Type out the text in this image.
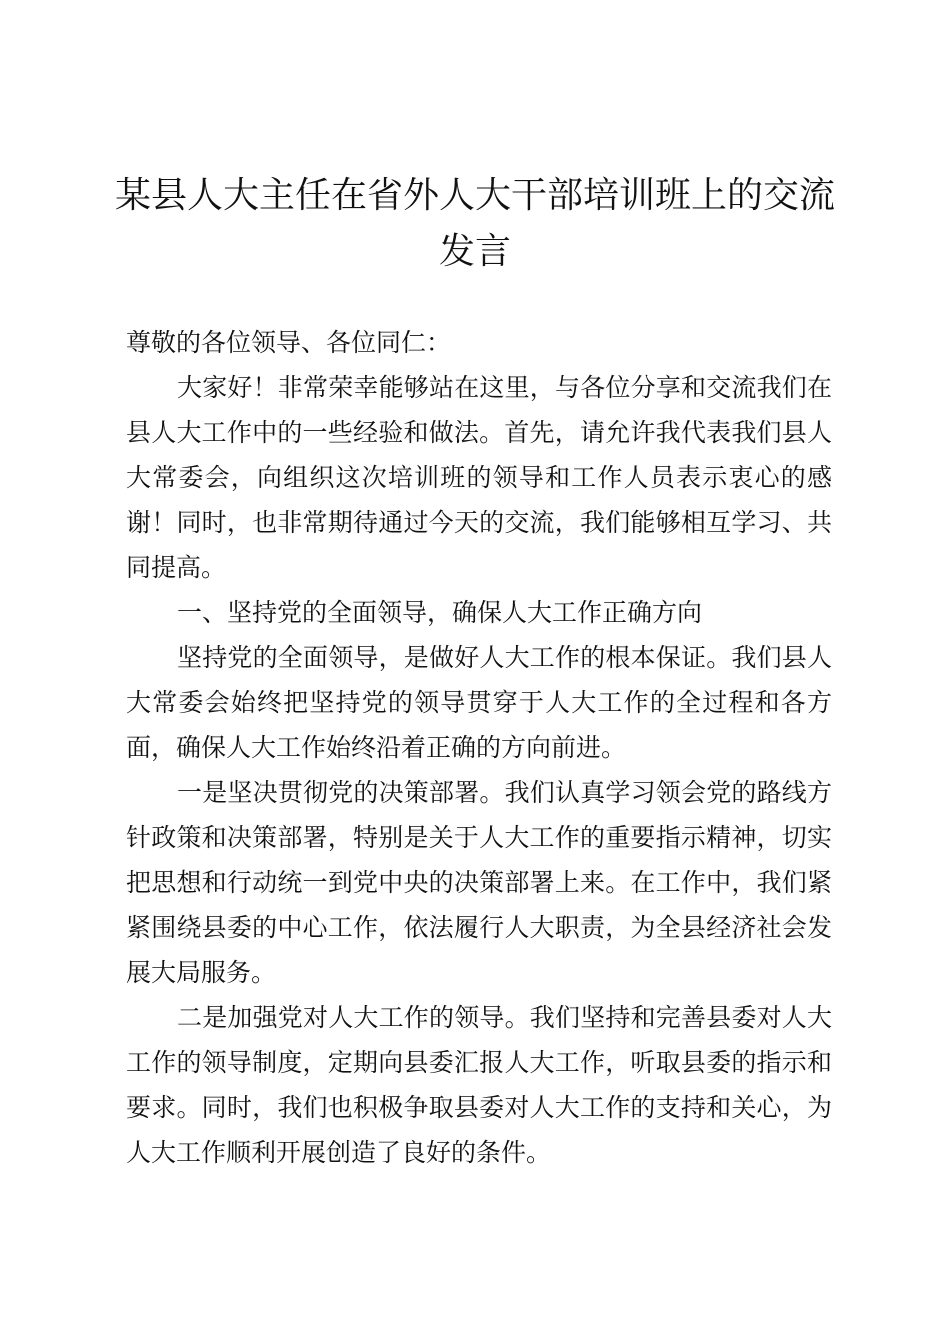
某县人大主任在省外人大干部培训班上的交流发言

尊敬的各位领导、各位同仁：

大家好！非常荣幸能够站在这里，与各位分享和交流我们在县人大工作中的一些经验和做法。首先，请允许我代表我们县人大常委会，向组织这次培训班的领导和工作人员表示衷心的感谢！同时，也非常期待通过今天的交流，我们能够相互学习、共同提高。

一、坚持党的全面领导，确保人大工作正确方向

坚持党的全面领导，是做好人大工作的根本保证。我们县人大常委会始终把坚持党的领导贯穿于人大工作的全过程和各方面，确保人大工作始终沿着正确的方向前进。

一是坚决贯彻党的决策部署。我们认真学习领会党的路线方针政策和决策部署，特别是关于人大工作的重要指示精神，切实把思想和行动统一到党中央的决策部署上来。在工作中，我们紧紧围绕县委的中心工作，依法履行人大职责，为全县经济社会发展大局服务。

二是加强党对人大工作的领导。我们坚持和完善县委对人大工作的领导制度，定期向县委汇报人大工作，听取县委的指示和要求。同时，我们也积极争取县委对人大工作的支持和关心，为人大工作顺利开展创造了良好的条件。
